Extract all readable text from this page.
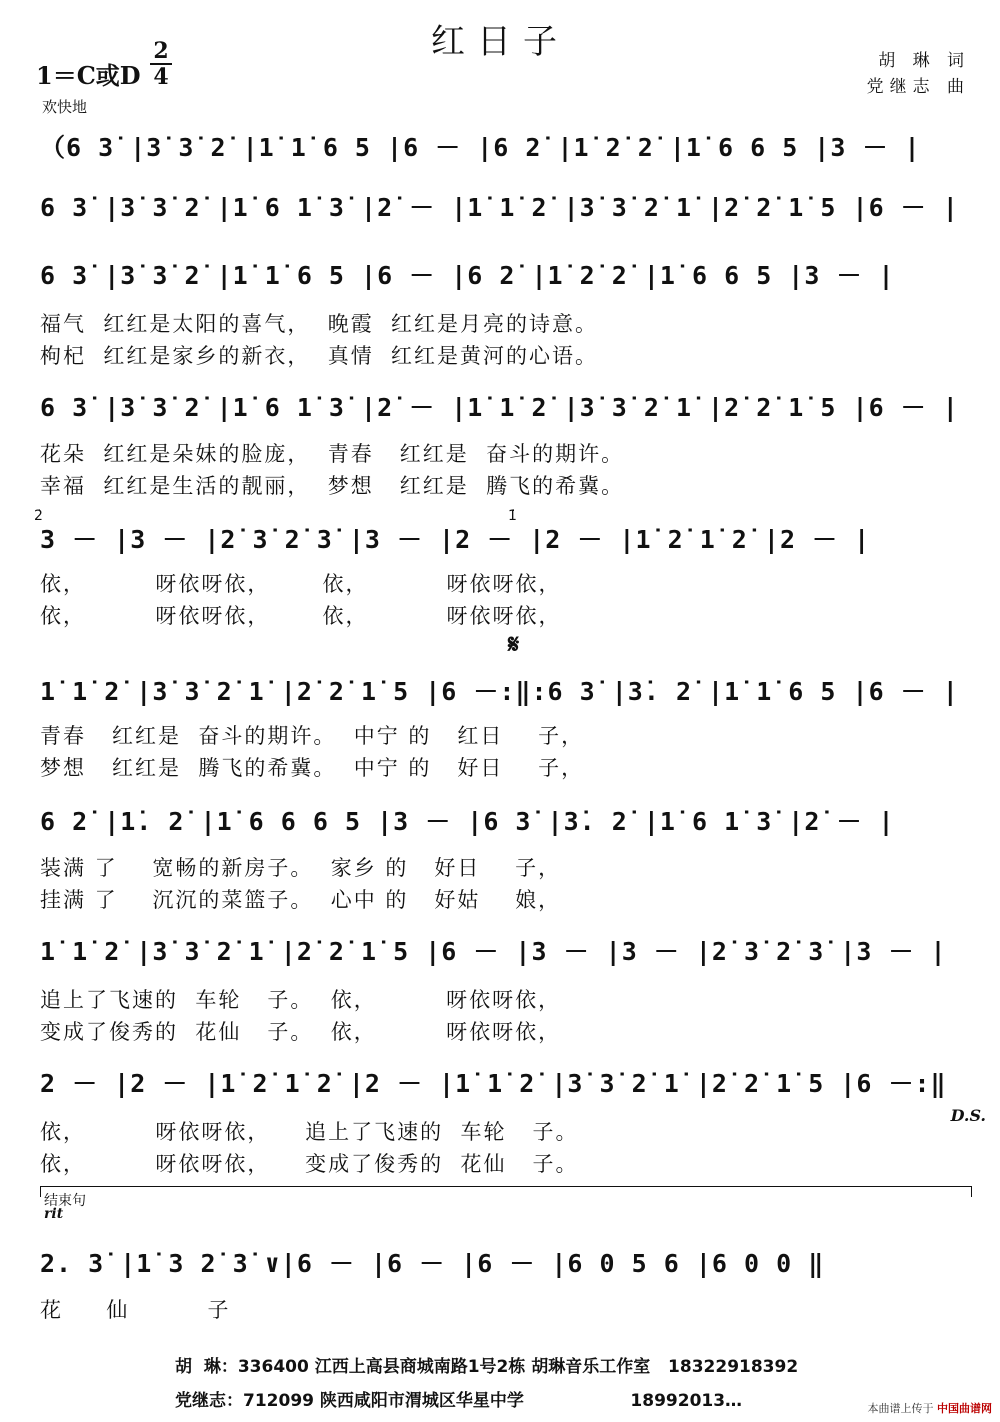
红日子
1＝C或D
2
4
欢快地
胡 琳 词
党继志 曲
（6 3̇ |3̇ 3̇ 2̇ |1̇ 1̇ 6 5 |6 － |6 2̇ |1̇ 2̇ 2̇ |1̇ 6 6 5 |3 － |
6 3̇ |3̇ 3̇ 2̇ |1̇ 6 1̇ 3̇ |2̇ － |1̇ 1̇ 2̇ |3̇ 3̇ 2̇ 1̇ |2̇ 2̇ 1̇ 5 |6 － |
6 3̇ |3̇ 3̇ 2̇ |1̇ 1̇ 6 5 |6 － |6 2̇ |1̇ 2̇ 2̇ |1̇ 6 6 5 |3 － |
福气  红红是太阳的喜气，  晚霞  红红是月亮的诗意。
枸杞  红红是家乡的新衣，  真情  红红是黄河的心语。
6 3̇ |3̇ 3̇ 2̇ |1̇ 6 1̇ 3̇ |2̇ － |1̇ 1̇ 2̇ |3̇ 3̇ 2̇ 1̇ |2̇ 2̇ 1̇ 5 |6 － |
花朵  红红是朵妹的脸庞，  青春   红红是  奋斗的期许。
幸福  红红是生活的靓丽，  梦想   红红是  腾飞的希冀。
2̇	1̇
3 － |3 － |2̇ 3̇ 2̇ 3̇ |3 － |2 － |2 － |1̇ 2̇ 1̇ 2̇ |2 － |
依，        呀依呀依，      依，         呀依呀依，
依，        呀依呀依，      依，         呀依呀依，
𝄋
1̇ 1̇ 2̇ |3̇ 3̇ 2̇ 1̇ |2̇ 2̇ 1̇ 5 |6 －:‖:6 3̇ |3̇. 2̇ |1̇ 1̇ 6 5 |6 － |
青春   红红是  奋斗的期许。  中宁 的   红日    子，
梦想   红红是  腾飞的希冀。  中宁 的   好日    子，
6 2̇ |1̇. 2̇ |1̇ 6 6 6 5 |3 － |6 3̇ |3̇. 2̇ |1̇ 6 1̇ 3̇ |2̇ － |
装满 了    宽畅的新房子。  家乡 的   好日    子，
挂满 了    沉沉的菜篮子。  心中 的   好姑    娘，
1̇ 1̇ 2̇ |3̇ 3̇ 2̇ 1̇ |2̇ 2̇ 1̇ 5 |6 － |3 － |3 － |2̇ 3̇ 2̇ 3̇ |3 － |
追上了飞速的  车轮   子。  依，        呀依呀依，
变成了俊秀的  花仙   子。  依，        呀依呀依，
2 － |2 － |1̇ 2̇ 1̇ 2̇ |2 － |1̇ 1̇ 2̇ |3̇ 3̇ 2̇ 1̇ |2̇ 2̇ 1̇ 5 |6 －:‖
D.S.
依，        呀依呀依，    追上了飞速的  车轮   子。
依，        呀依呀依，    变成了俊秀的  花仙   子。
结束句
rit
2. 3̇ |1̇ 3 2̇ 3̇ ∨|6 － |6 － |6 － |6 0 5 6 |6 0 0 ‖
花     仙         子
胡  琳：336400 江西上高县商城南路1号2栋 胡琳音乐工作室   18322918392
党继志：712099 陕西咸阳市渭城区华星中学                  18992013…	本曲谱上传于 中国曲谱网
